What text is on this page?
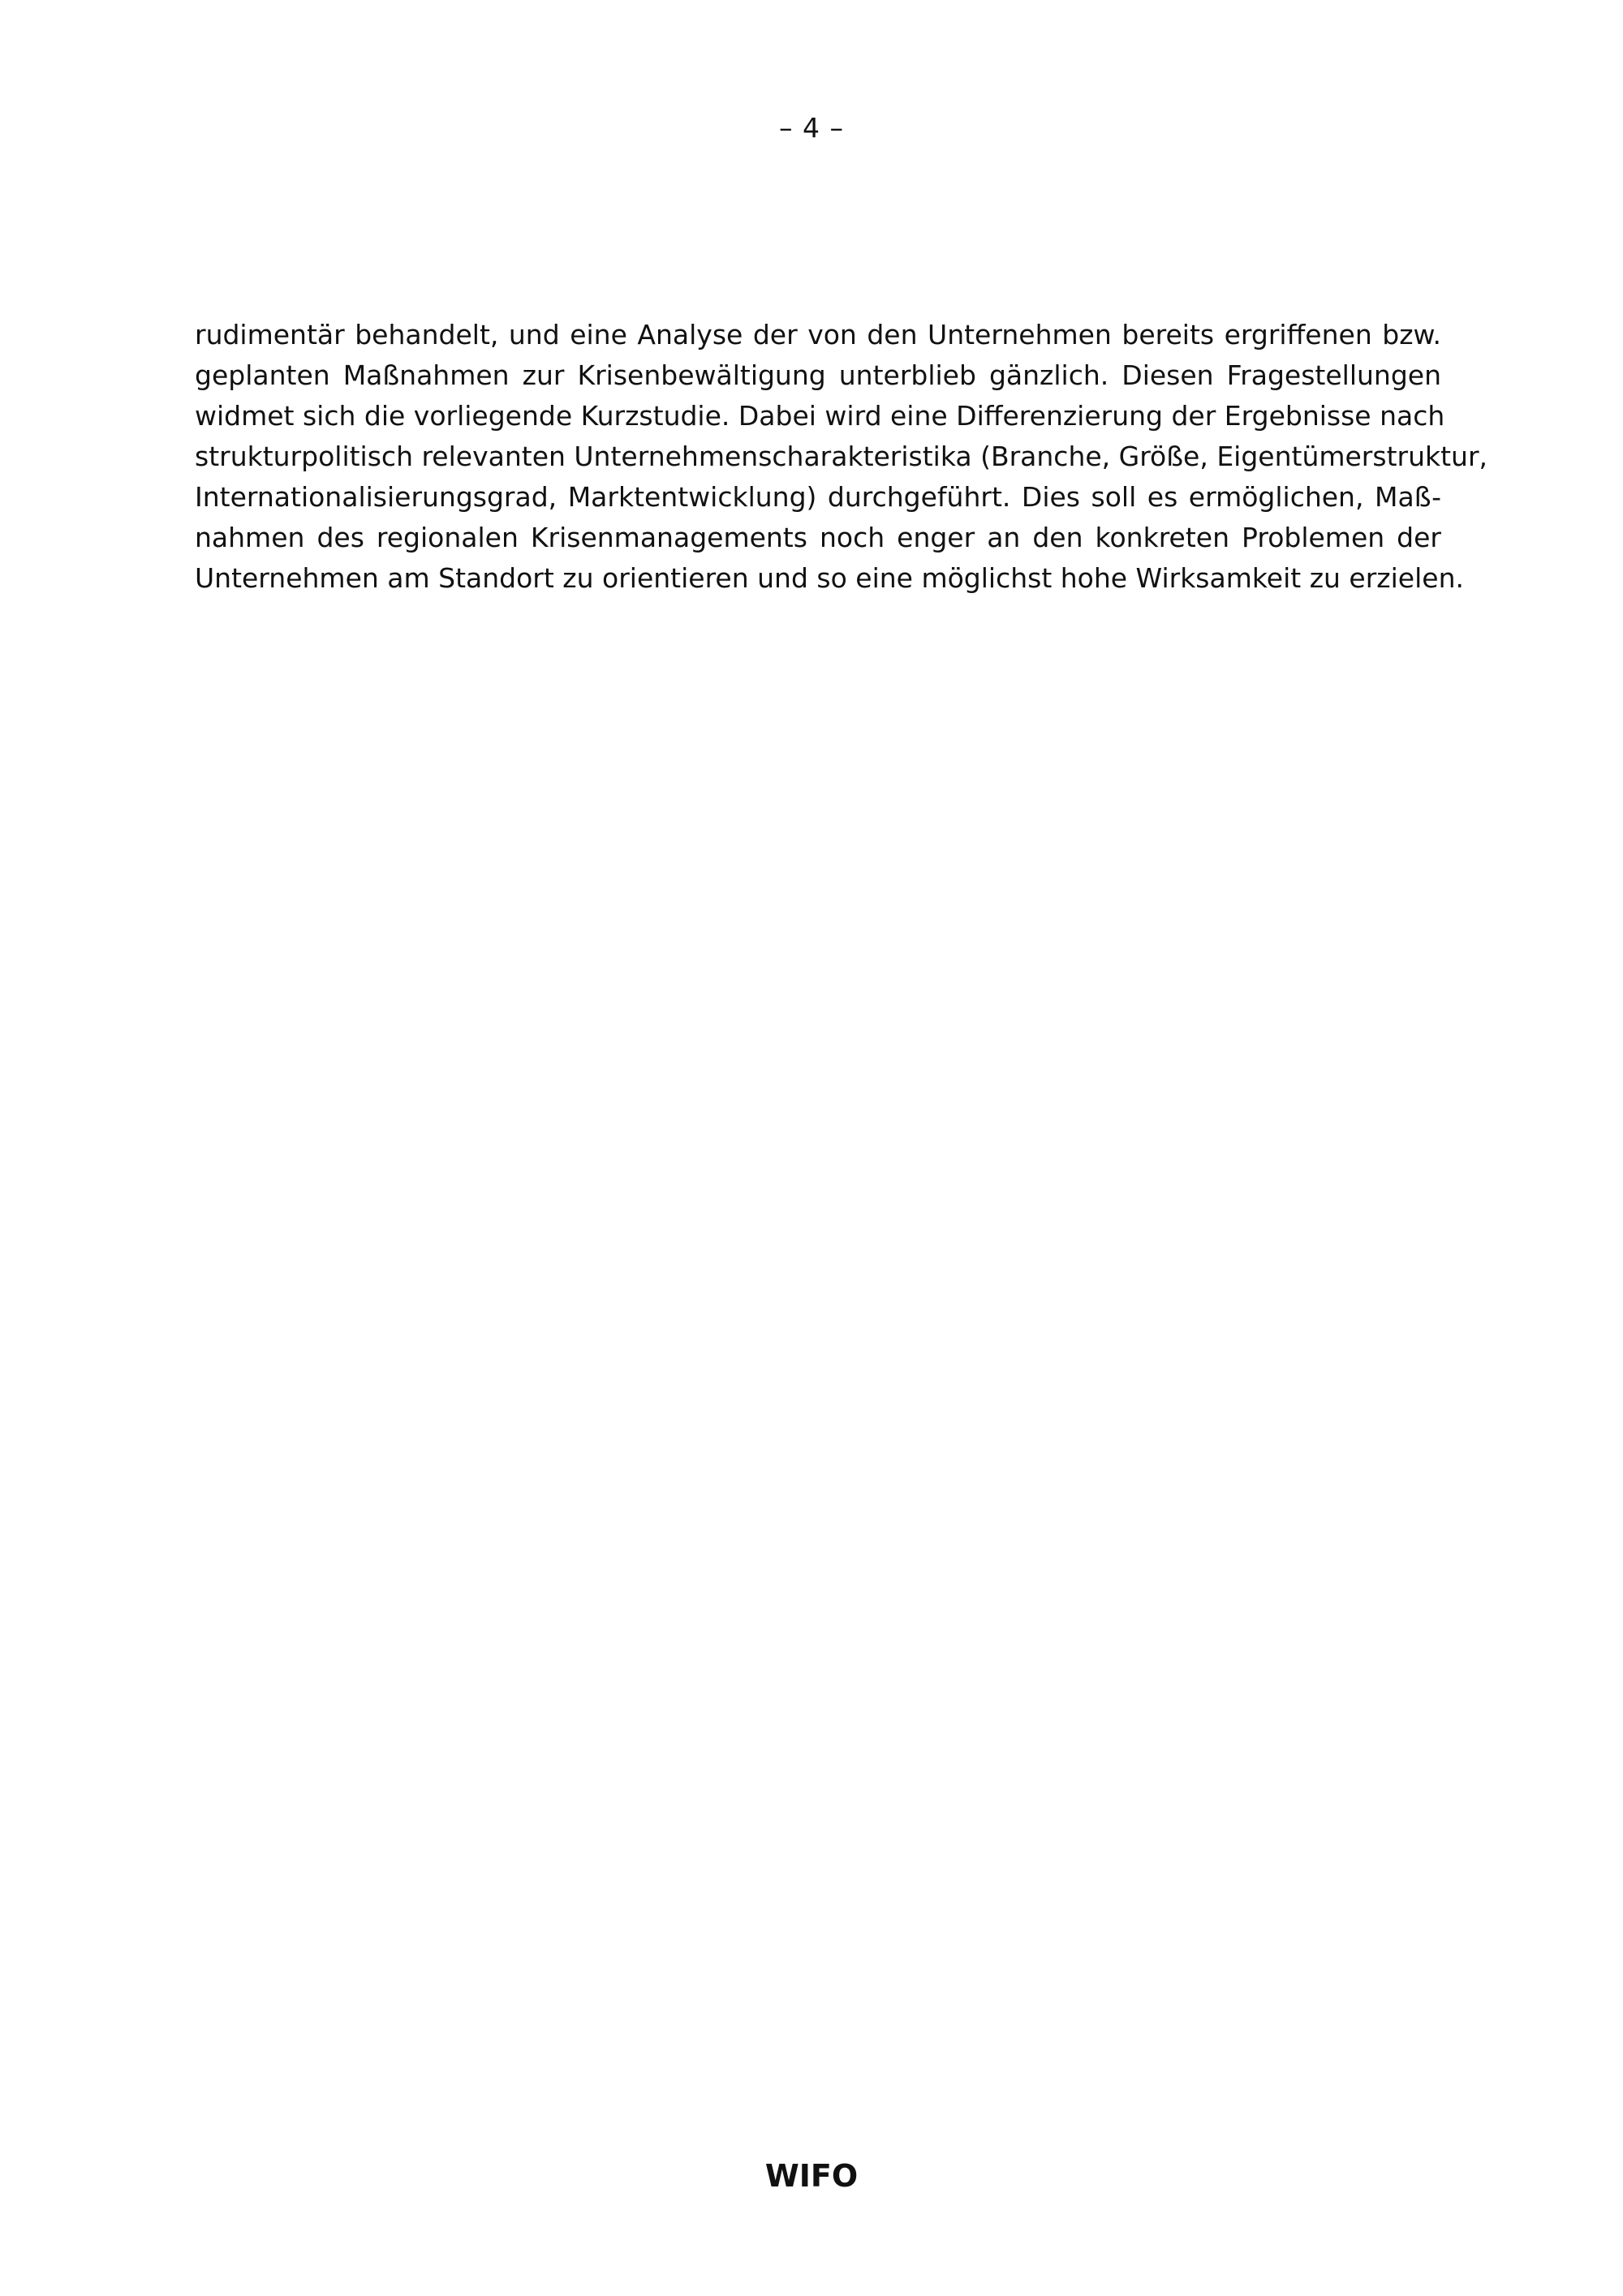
– 4 –
rudimentär behandelt, und eine Analyse der von den Unternehmen bereits ergriffenen bzw.
geplanten Maßnahmen zur Krisenbewältigung unterblieb gänzlich. Diesen Fragestellungen
widmet sich die vorliegende Kurzstudie. Dabei wird eine Differenzierung der Ergebnisse nach
strukturpolitisch relevanten Unternehmenscharakteristika (Branche, Größe, Eigentümerstruktur,
Internationalisierungsgrad, Marktentwicklung) durchgeführt. Dies soll es ermöglichen, Maß-
nahmen des regionalen Krisenmanagements noch enger an den konkreten Problemen der
Unternehmen am Standort zu orientieren und so eine möglichst hohe Wirksamkeit zu erzielen.
WIFO
